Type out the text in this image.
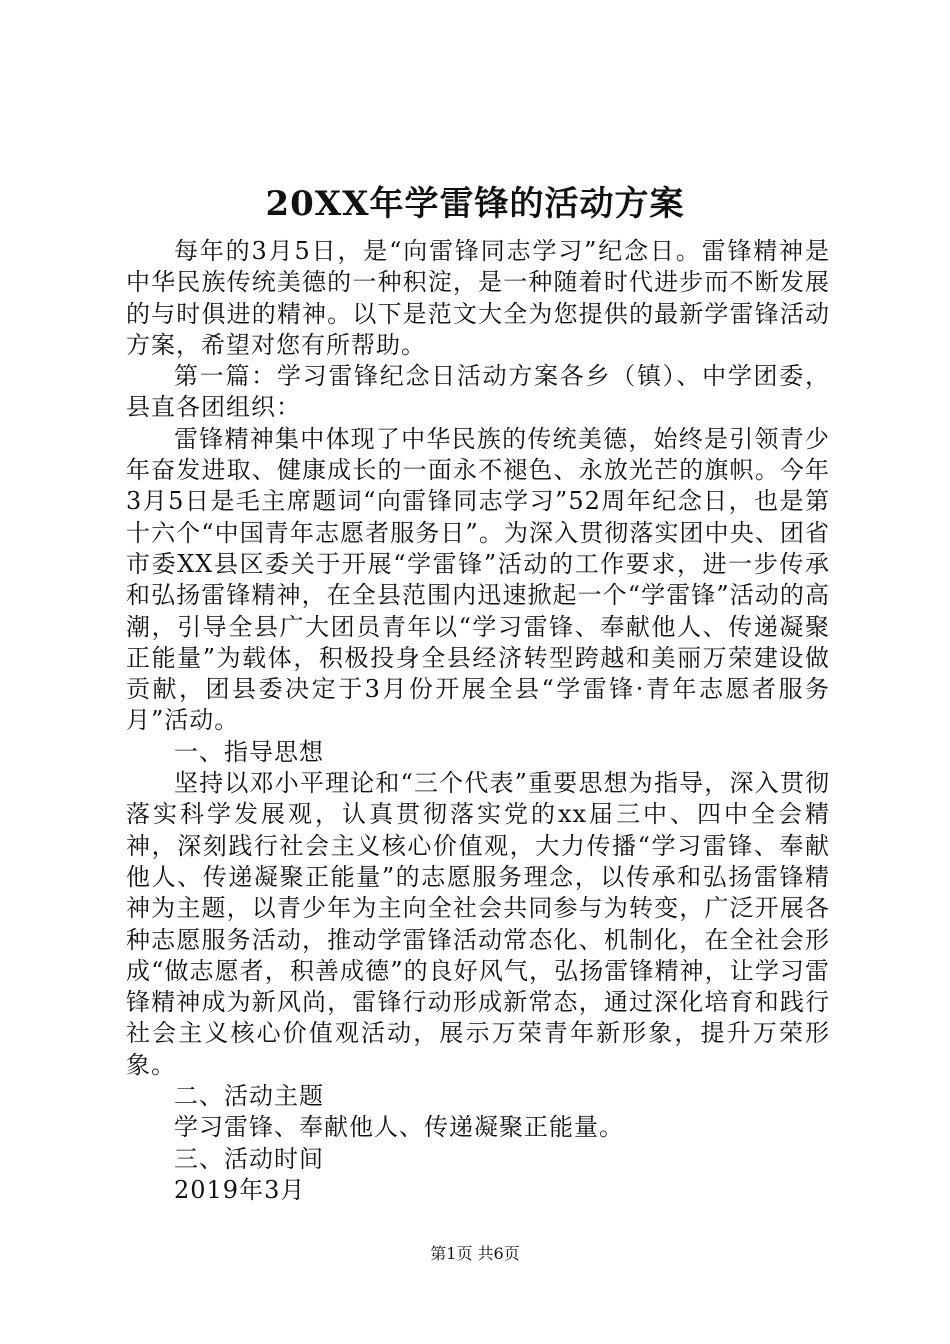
20XX年学雷锋的活动方案

每年的3月5日，是“向雷锋同志学习”纪念日。雷锋精神是中华民族传统美德的一种积淀，是一种随着时代进步而不断发展的与时俱进的精神。以下是范文大全为您提供的最新学雷锋活动方案，希望对您有所帮助。

第一篇：学习雷锋纪念日活动方案各乡（镇）、中学团委，县直各团组织：

雷锋精神集中体现了中华民族的传统美德，始终是引领青少年奋发进取、健康成长的一面永不褪色、永放光芒的旗帜。今年3月5日是毛主席题词“向雷锋同志学习”52周年纪念日，也是第十六个“中国青年志愿者服务日”。为深入贯彻落实团中央、团省市委XX县区委关于开展“学雷锋”活动的工作要求，进一步传承和弘扬雷锋精神，在全县范围内迅速掀起一个“学雷锋”活动的高潮，引导全县广大团员青年以“学习雷锋、奉献他人、传递凝聚正能量”为载体，积极投身全县经济转型跨越和美丽万荣建设做贡献，团县委决定于3月份开展全县“学雷锋·青年志愿者服务月”活动。

一、指导思想

坚持以邓小平理论和“三个代表”重要思想为指导，深入贯彻落实科学发展观，认真贯彻落实党的xx届三中、四中全会精神，深刻践行社会主义核心价值观，大力传播“学习雷锋、奉献他人、传递凝聚正能量”的志愿服务理念，以传承和弘扬雷锋精神为主题，以青少年为主向全社会共同参与为转变，广泛开展各种志愿服务活动，推动学雷锋活动常态化、机制化，在全社会形成“做志愿者，积善成德”的良好风气，弘扬雷锋精神，让学习雷锋精神成为新风尚，雷锋行动形成新常态，通过深化培育和践行社会主义核心价值观活动，展示万荣青年新形象，提升万荣形象。

二、活动主题

学习雷锋、奉献他人、传递凝聚正能量。

三、活动时间

2019年3月

第1页 共6页
